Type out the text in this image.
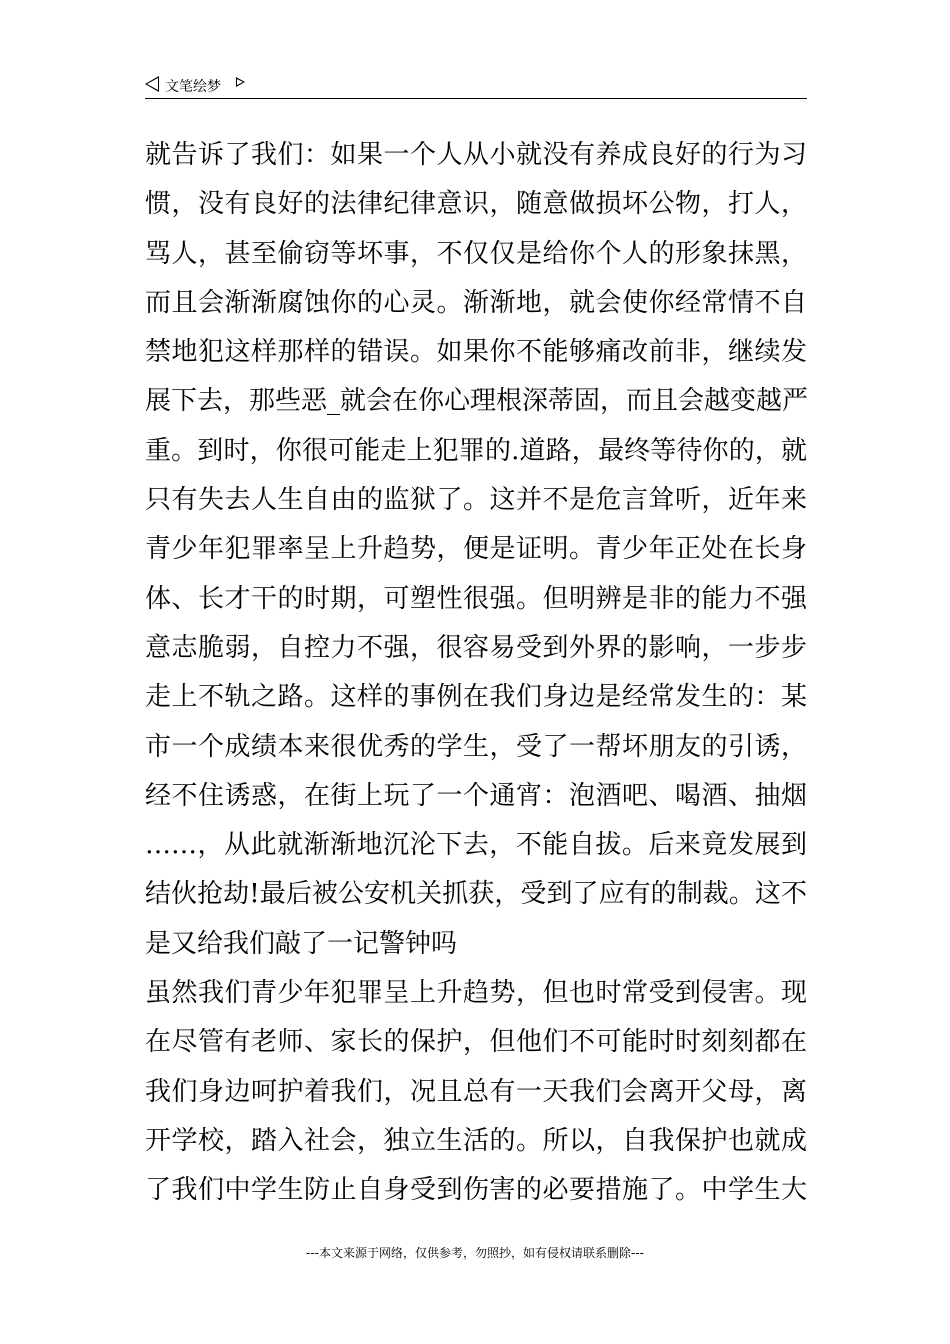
文笔绘梦
就告诉了我们：如果一个人从小就没有养成良好的行为习
惯，没有良好的法律纪律意识，随意做损坏公物，打人，
骂人，甚至偷窃等坏事，不仅仅是给你个人的形象抹黑，
而且会渐渐腐蚀你的心灵。渐渐地，就会使你经常情不自
禁地犯这样那样的错误。如果你不能够痛改前非，继续发
展下去，那些恶_就会在你心理根深蒂固，而且会越变越严
重。到时，你很可能走上犯罪的.道路，最终等待你的，就
只有失去人生自由的监狱了。这并不是危言耸听，近年来
青少年犯罪率呈上升趋势，便是证明。青少年正处在长身
体、长才干的时期，可塑性很强。但明辨是非的能力不强
意志脆弱，自控力不强，很容易受到外界的影响，一步步
走上不轨之路。这样的事例在我们身边是经常发生的：某
市一个成绩本来很优秀的学生，受了一帮坏朋友的引诱，
经不住诱惑，在街上玩了一个通宵：泡酒吧、喝酒、抽烟
……，从此就渐渐地沉沦下去，不能自拔。后来竟发展到
结伙抢劫!最后被公安机关抓获，受到了应有的制裁。这不
是又给我们敲了一记警钟吗
虽然我们青少年犯罪呈上升趋势，但也时常受到侵害。现
在尽管有老师、家长的保护，但他们不可能时时刻刻都在
我们身边呵护着我们，况且总有一天我们会离开父母，离
开学校，踏入社会，独立生活的。所以，自我保护也就成
了我们中学生防止自身受到伤害的必要措施了。中学生大
---本文来源于网络，仅供参考，勿照抄，如有侵权请联系删除---
